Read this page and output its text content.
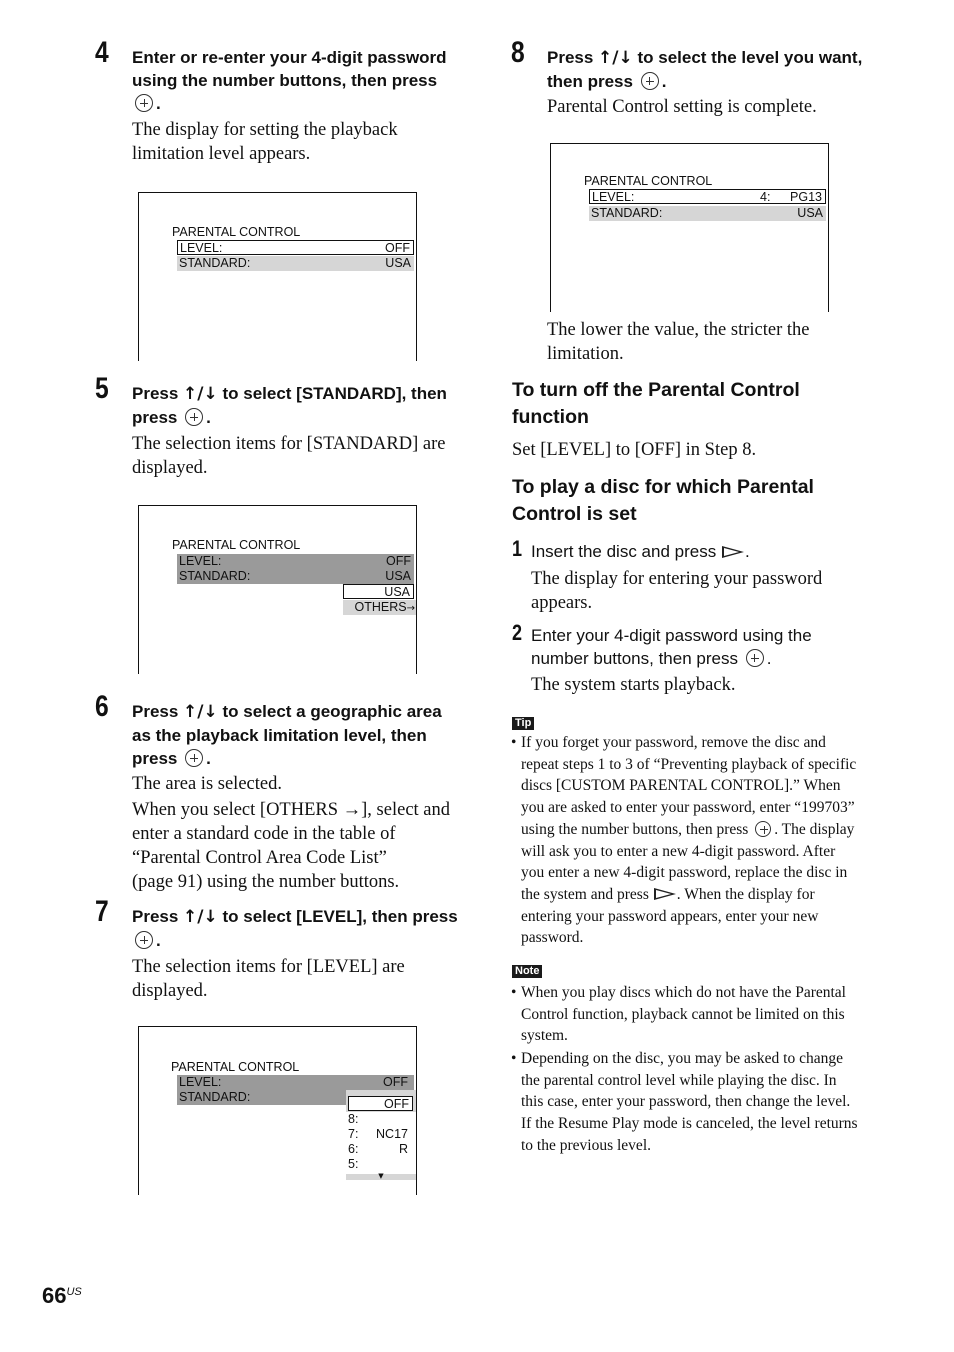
4 Enter or re-enter your 4-digit password
using the number buttons, then press
.
The display for setting the playback
limitation level appears.
PARENTAL CONTROL
LEVEL:	OFF
STANDARD:	USA
5 Press ↑/↓ to select [STANDARD], then
press .
The selection items for [STANDARD] are
displayed.
PARENTAL CONTROL
LEVEL:	OFF
STANDARD:	USA
USA
OTHERS→
6 Press ↑/↓ to select a geographic area
as the playback limitation level, then
press .
The area is selected.
When you select [OTHERS →], select and
enter a standard code in the table of
“Parental Control Area Code List”
(page 91) using the number buttons.
7 Press ↑/↓ to select [LEVEL], then press
.
The selection items for [LEVEL] are
displayed.
PARENTAL CONTROL
LEVEL:	OFF
STANDARD:	OFF
8:
7: NC17
6:	R
5:
▼
8 Press ↑/↓ to select the level you want,
then press .
Parental Control setting is complete.
PARENTAL CONTROL
LEVEL:	4: PG13
STANDARD:	USA
The lower the value, the stricter the
limitation.
To turn off the Parental Control
function
Set [LEVEL] to [OFF] in Step 8.
To play a disc for which Parental
Control is set
1 Insert the disc and press .
The display for entering your password
appears.
2 Enter your 4-digit password using the
number buttons, then press .
The system starts playback.
Tip
• If you forget your password, remove the disc and
repeat steps 1 to 3 of “Preventing playback of specific
discs [CUSTOM PARENTAL CONTROL].” When
you are asked to enter your password, enter “199703”
using the number buttons, then press . The display
will ask you to enter a new 4-digit password. After
you enter a new 4-digit password, replace the disc in
the system and press . When the display for
entering your password appears, enter your new
password.
Note
• When you play discs which do not have the Parental
Control function, playback cannot be limited on this
system.
• Depending on the disc, you may be asked to change
the parental control level while playing the disc. In
this case, enter your password, then change the level.
If the Resume Play mode is canceled, the level returns
to the previous level.
$66^{US}$
